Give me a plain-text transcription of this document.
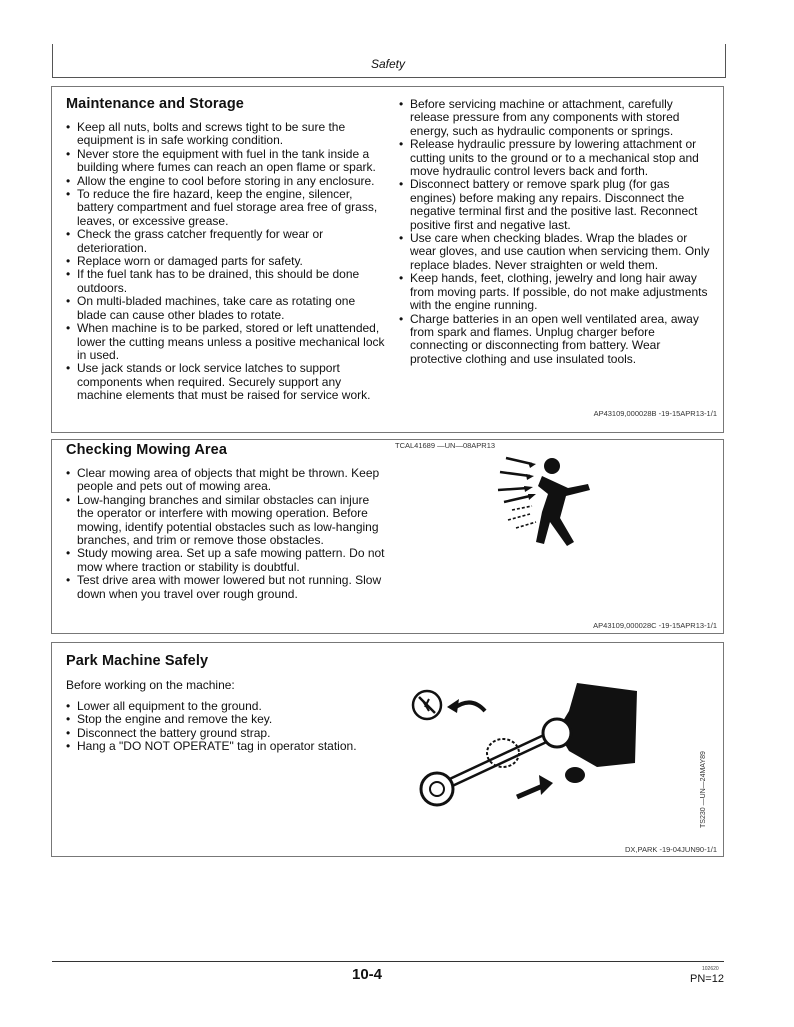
Safety
Maintenance and Storage
• Keep all nuts, bolts and screws tight to be sure the equipment is in safe working condition.
• Never store the equipment with fuel in the tank inside a building where fumes can reach an open flame or spark.
• Allow the engine to cool before storing in any enclosure.
• To reduce the fire hazard, keep the engine, silencer, battery compartment and fuel storage area free of grass, leaves, or excessive grease.
• Check the grass catcher frequently for wear or deterioration.
• Replace worn or damaged parts for safety.
• If the fuel tank has to be drained, this should be done outdoors.
• On multi-bladed machines, take care as rotating one blade can cause other blades to rotate.
• When machine is to be parked, stored or left unattended, lower the cutting means unless a positive mechanical lock in used.
• Use jack stands or lock service latches to support components when required. Securely support any machine elements that must be raised for service work.
• Before servicing machine or attachment, carefully release pressure from any components with stored energy, such as hydraulic components or springs.
• Release hydraulic pressure by lowering attachment or cutting units to the ground or to a mechanical stop and move hydraulic control levers back and forth.
• Disconnect battery or remove spark plug (for gas engines) before making any repairs. Disconnect the negative terminal first and the positive last. Reconnect positive first and negative last.
• Use care when checking blades. Wrap the blades or wear gloves, and use caution when servicing them. Only replace blades. Never straighten or weld them.
• Keep hands, feet, clothing, jewelry and long hair away from moving parts. If possible, do not make adjustments with the engine running.
• Charge batteries in an open well ventilated area, away from spark and flames. Unplug charger before connecting or disconnecting from battery. Wear protective clothing and use insulated tools.
AP43109,000028B -19-15APR13-1/1
Checking Mowing Area	TCAL41689 —UN—08APR13
• Clear mowing area of objects that might be thrown. Keep people and pets out of mowing area.
• Low-hanging branches and similar obstacles can injure the operator or interfere with mowing operation. Before mowing, identify potential obstacles such as low-hanging branches, and trim or remove those obstacles.
• Study mowing area. Set up a safe mowing pattern. Do not mow where traction or stability is doubtful.
• Test drive area with mower lowered but not running. Slow down when you travel over rough ground.
AP43109,000028C -19-15APR13-1/1
Park Machine Safely
Before working on the machine:
• Lower all equipment to the ground.
• Stop the engine and remove the key.
• Disconnect the battery ground strap.
• Hang a "DO NOT OPERATE" tag in operator station.
DX,PARK -19-04JUN90-1/1
TS230 —UN—24MAY89
10-4	102620
PN=12
